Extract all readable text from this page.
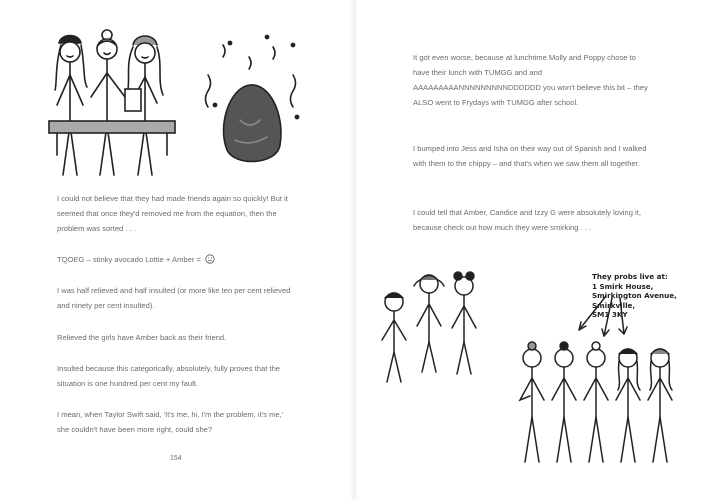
I could not believe that they had made friends again so quickly! But it seemed that once they'd removed me from the equation, then the problem was sorted . . .

TQOEG – stinky avocado Lottie + Amber =

I was half relieved and half insulted (or more like ten per cent relieved and ninety per cent insulted).

Relieved the girls have Amber back as their friend.

Insulted because this categorically, absolutely, fully proves that the situation is one hundred per cent my fault.

I mean, when Taylor Swift said, 'It's me, hi, I'm the problem, it's me,' she couldn't have been more right, could she?

154

It got even worse, because at lunchtime Molly and Poppy chose to have their lunch with TUMGG and and AAAAAAAAANNNNNNNNNDDDDDD you won't believe this bit – they ALSO went to Frydays with TUMGG after school.

I bumped into Jess and Isha on their way out of Spanish and I walked with them to the chippy – and that's when we saw them all together.

I could tell that Amber, Candice and Izzy G were absolutely loving it, because check out how much they were smirking . . .

They probs live at:
1 Smirk House,
Smirkington Avenue,
Smirkville,
SM1 3KY
